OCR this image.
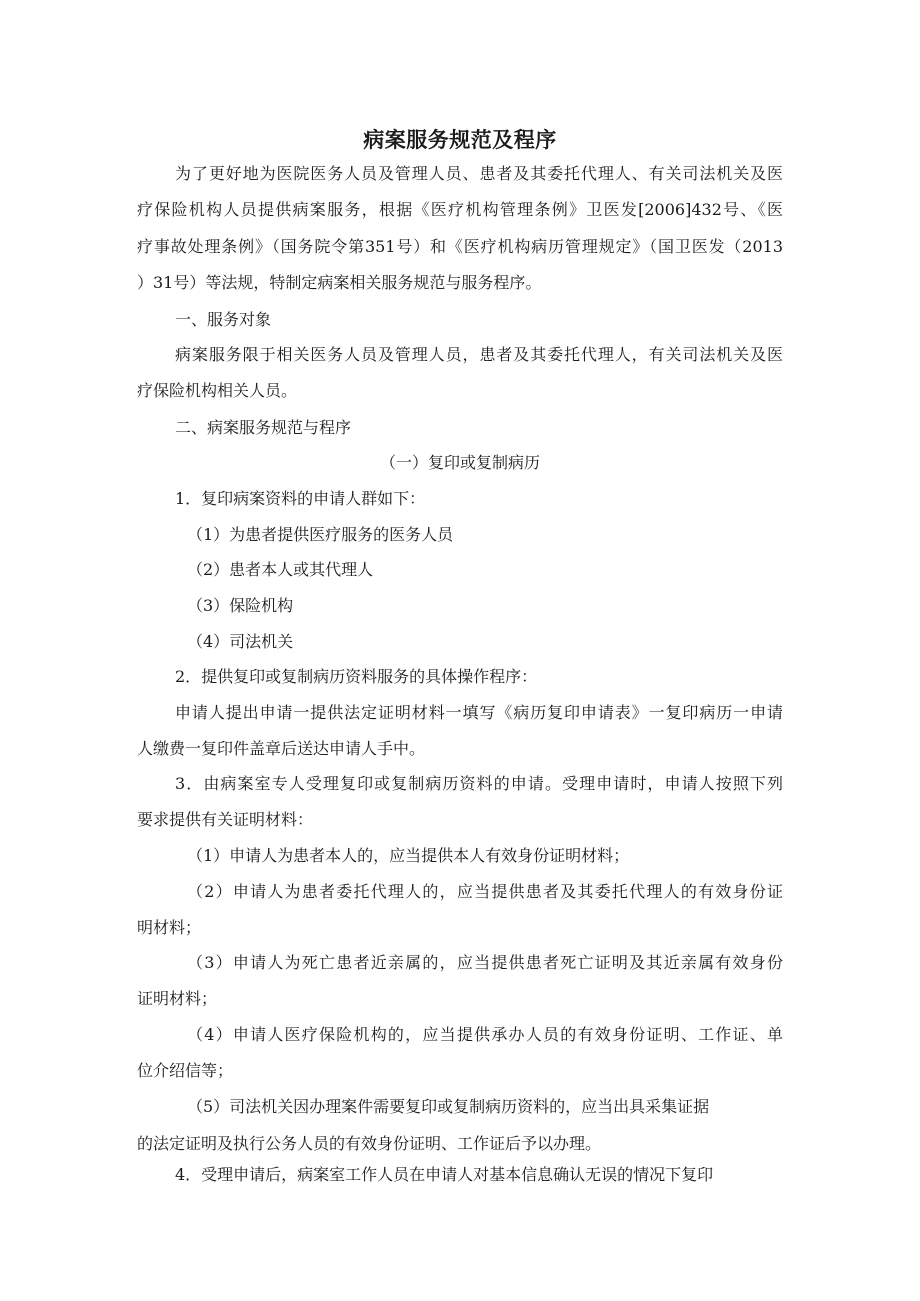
病案服务规范及程序
为了更好地为医院医务人员及管理人员、患者及其委托代理人、有关司法机关及医
疗保险机构人员提供病案服务，根据《医疗机构管理条例》卫医发[2006]432号、《医
疗事故处理条例》（国务院令第351号）和《医疗机构病历管理规定》（国卫医发（2013
）31号）等法规，特制定病案相关服务规范与服务程序。
一、服务对象
病案服务限于相关医务人员及管理人员，患者及其委托代理人，有关司法机关及医
疗保险机构相关人员。
二、病案服务规范与程序
（一）复印或复制病历
1．复印病案资料的申请人群如下：
（1）为患者提供医疗服务的医务人员
（2）患者本人或其代理人
（3）保险机构
（4）司法机关
2．提供复印或复制病历资料服务的具体操作程序：
申请人提出申请一提供法定证明材料一填写《病历复印申请表》一复印病历一申请
人缴费一复印件盖章后送达申请人手中。
3．由病案室专人受理复印或复制病历资料的申请。受理申请时，申请人按照下列
要求提供有关证明材料：
（1）申请人为患者本人的，应当提供本人有效身份证明材料；
（2）申请人为患者委托代理人的，应当提供患者及其委托代理人的有效身份证
明材料；
（3）申请人为死亡患者近亲属的，应当提供患者死亡证明及其近亲属有效身份
证明材料；
（4）申请人医疗保险机构的，应当提供承办人员的有效身份证明、工作证、单
位介绍信等；
（5）司法机关因办理案件需要复印或复制病历资料的，应当出具采集证据
的法定证明及执行公务人员的有效身份证明、工作证后予以办理。
4．受理申请后，病案室工作人员在申请人对基本信息确认无误的情况下复印
